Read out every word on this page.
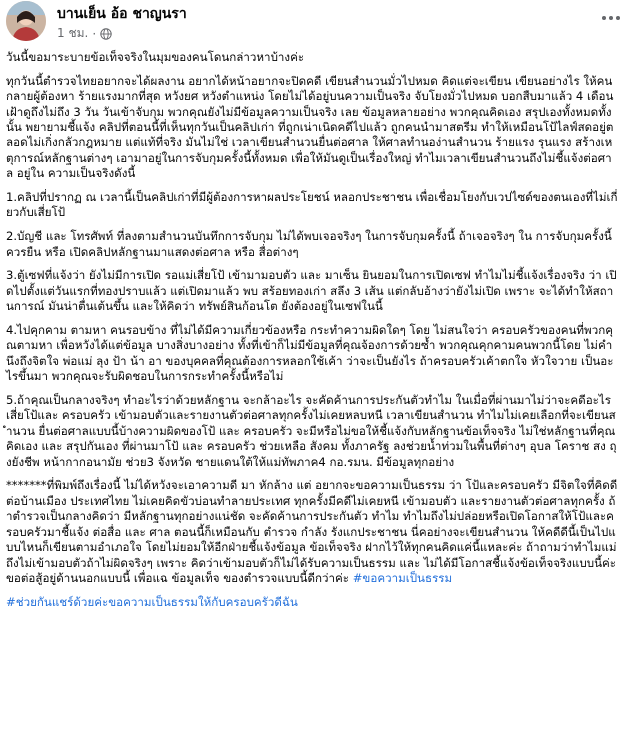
บานเย็น อ้อ ชาญนรา
1 ชม. ·

วันนี้ขอมาระบายข้อเท็จจริงในมุมของคนโดนกล่าวหาบ้างค่ะ

ทุกวันนี้ตำรวจไทยอยากจะได้ผลงาน อยากได้หน้าอยากจะปิดคดี เขียนสำนวนมั่วไปหมด คิดแต่จะเขียน เขียนอย่างไร ให้คนกลายผู้ต้องหา ร้ายแรงมากที่สุด หวังยศ หวังตำแหน่ง โดยไม่ได้อยู่บนความเป็นจริง จับโยงมั่วไปหมด บอกสืบมาแล้ว 4 เดือน เฝ้าดูถึงไม่ถึง 3 วัน วันเข้าจับกุม พวกคุณยังไม่มีข้อมูลความเป็นจริง เลย ข้อมูลหลายอย่าง พวกคุณคิดเอง สรุปเองทั้งหมดทั้งนั้น พยายามชี้แจ้ง คลิปที่ตอนนี้ที่เห็นทุกวันเป็นคลิปเก่า ที่ถูกเน่าเนิดคดีไปแล้ว ถูกคนนำมาสตรีม ทำให้เหมือนโป้ไลฟ์สดอยู่ตลอดไม่เกิ่งกลัวกฎหมาย แต่แท้ที่จริง มันไม่ใช่ เวลาเขียนสำนวนยื่นต่อศาล ให้ศาลทำนอง่านสำนวน ร้ายแรง รุนแรง สร้างเหตุการณ์หลักฐานต่างๆ เอามาอยู่ในการจับกุมครั้งนี้ทั้งหมด เพื่อให้มันดูเป็นเรื่องใหญ่ ทำไมเวลาเขียนสำนวนถึงไม่ชี้แจ้งต่อศาล อยู่ใน ความเป็นจริงดังนี้

1.คลิปที่ปรากฏ ณ เวลานี้เป็นคลิปเก่าที่มีผู้ต้องการหาผลประโยชน์ หลอกประชาชน เพื่อเชื่อมโยงกับเวปไซด์ของตนเองที่ไม่เกี่ยวกับเสี่ยโป้

2.บัญชี และ โทรศัพท์ ที่ลงตามสำนวนบันทึกการจับกุม ไม่ได้พบเจอจริงๆ ในการจับกุมครั้งนี้ ถ้าเจอจริงๆ ใน การจับกุมครั้งนี้ ควรยืน หรือ เปิดคลิปหลักฐานมาแสดงต่อศาล หรือ สื่อต่างๆ

3.ตู้เซฟที่แจ้งว่า ยังไม่มีการเปิด รอแม่เสี่ยโป้ เข้ามามอบตัว และ มาเซ็น ยินยอมในการเปิดเซฟ ทำไมไม่ชี้แจ้งเรื่องจริง ว่า เปิดไปตั้งแต่วันแรกที่ทองปราบแล้ว แต่เปิดมาแล้ว พบ สร้อยทองเก่า สลึง 3 เส้น แต่กลับอ้างว่ายังไม่เปิด เพราะ จะได้ทำให้สถานการณ์ มันน่าตื่นเต้นขึ้น และให้คิดว่า ทรัพย์สินก้อนโต ยังต้องอยู่ในเซฟในนี้

4.ไปคุกคาม ตามหา คนรอบข้าง ที่ไม่ได้มีความเกี่ยวข้องหรือ กระทำความผิดใดๆ โดย ไม่สนใจว่า ครอบครัวของคนที่พวกคุณตามหา เพื่อหวังได้แต่ข้อมูล บางสิ่งบางอย่าง ทั้งที่เข้าก็ไม่มีข้อมูลที่คุณจ้องการด้วยซ้ำ พวกคุณคุกคามคนพวกนี้โดย ไม่คำนึงถึงจิตใจ พ่อแม่ ลุง ป้า น้า อา ของบุคคลที่คุณต้องการหลอกใช้เค้า ว่าจะเป็นยังไร ถ้าครอบครัวเค้าตกใจ หัวใจวาย เป็นอะไรขึ้นมา พวกคุณจะรับผิดชอบในการกระทำครั้งนี้หรือไม่

5.ถ้าคุณเป็นกลางจริงๆ ทำอะไรว่าด้วยหลักฐาน จะกล้าอะไร จะคัดค้านการประกันตัวทำไม ในเมื่อที่ผ่านมาไม่ว่าจะคดีอะไร เสี่ยโป้และ ครอบครัว เข้ามอบตัวและรายงานตัวต่อศาลทุกครั้งไม่เคยหลบหนี เวลาเขียนสำนวน ทำไมไม่เคยเลือกที่จะเขียนสำนวน ยื่นต่อศาลแบบนี้บ้างความผิดของโป้ และ ครอบครัว จะมีหรือไม่ขอให้ชี้แจ้งกับหลักฐานข้อเท็จจริง ไม่ใช่หลักฐานที่คุณคิดเอง และ สรุปกันเอง ที่ผ่านมาโป้ และ ครอบครัว ช่วยเหลือ สังคม ทั้งภาครัฐ ลงช่วยน้ำท่วมในพื้นที่ต่างๆ อุบล โคราช สง ถุงยังชีพ หน้ากากอนามัย ช่วย3 จังหวัด ชายแดนใต้ให้แม่ทัพภาค4 กอ.รมน. มีข้อมูลทุกอย่าง

*******ที่พิมพ์ถึงเรื่องนี้ ไม่ได้หวังจะเอาความดี มา หักล้าง แต่ อยากจะขอความเป็นธรรม ว่า โป้และครอบครัว มีจิตใจที่คิดดีต่อบ้านเมือง ประเทศไทย ไม่เคยคิดขัวบ่อนทำลายประเทศ ทุกครั้งมีคดีไม่เคยหนี เข้ามอบตัว และรายงานตัวต่อศาลทุกครั้ง ถ้าตำรวจเป็นกลางคิดว่า มีหลักฐานทุกอย่างแน่ชัด จะคัดค้านการประกันตัว ทำไม ทำไมถึงไม่ปล่อยหรือเปิดโอกาสให้โป้และครอบครัวมาชี้แจ้ง ต่อสื่อ และ ศาล ตอนนี้ก็เหมือนกับ ตำรวจ กำลัง รังแกประชาชน นี่คอย่างจะเขียนสำนวน ให้คดีดีนี้เป็นไปแบบไหนก็เขียนตามอำเภอใจ โดยไม่ยอมให้อีกฝ่ายชี้แจ้งข้อมูล ข้อเท็จจริง ฝากไว้ให้ทุกคนคิดแค่นี้แหละค่ะ ถ้าถามว่าทำไมแม่ถึงไม่เข้ามอบตัวถ้าไม่ผิดจริงๆ เพราะ คิดว่าเข้ามอบตัวก็ไม่ได้รับความเป็นธรรม และ ไม่ได้มีโอกาสชี้แจ้งข้อเท็จจริงแบบนี้ค่ะ ขอต่อสู้อยู่ด้านนอกแบบนี้ เพื่อแฉ ข้อมูลเท็จ ของตำรวจแบบนี้ดีกว่าค่ะ #ขอความเป็นธรรม

#ช่วยกันแชร์ด้วยค่ะขอความเป็นธรรมให้กับครอบครัวดีฉัน
